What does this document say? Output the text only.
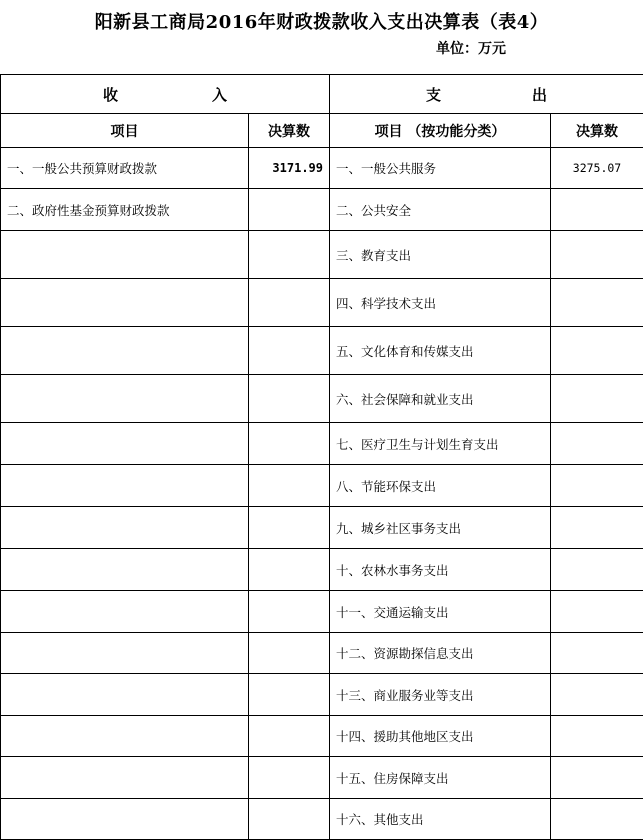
阳新县工商局2016年财政拨款收入支出决算表（表4）
单位：万元
收 入		支 出	

项目	决算数	项目 （按功能分类）	决算数
一、一般公共预算财政拨款	3171.99	一、一般公共服务	3275.07
二、政府性基金预算财政拨款		二、公共安全	
		三、教育支出	
		四、科学技术支出	
		五、文化体育和传媒支出	
		六、社会保障和就业支出	
		七、医疗卫生与计划生育支出	
		八、节能环保支出	
		九、城乡社区事务支出	
		十、农林水事务支出	
		十一、交通运输支出	
		十二、资源勘探信息支出	
		十三、商业服务业等支出	
		十四、援助其他地区支出	
		十五、住房保障支出	
		十六、其他支出	
